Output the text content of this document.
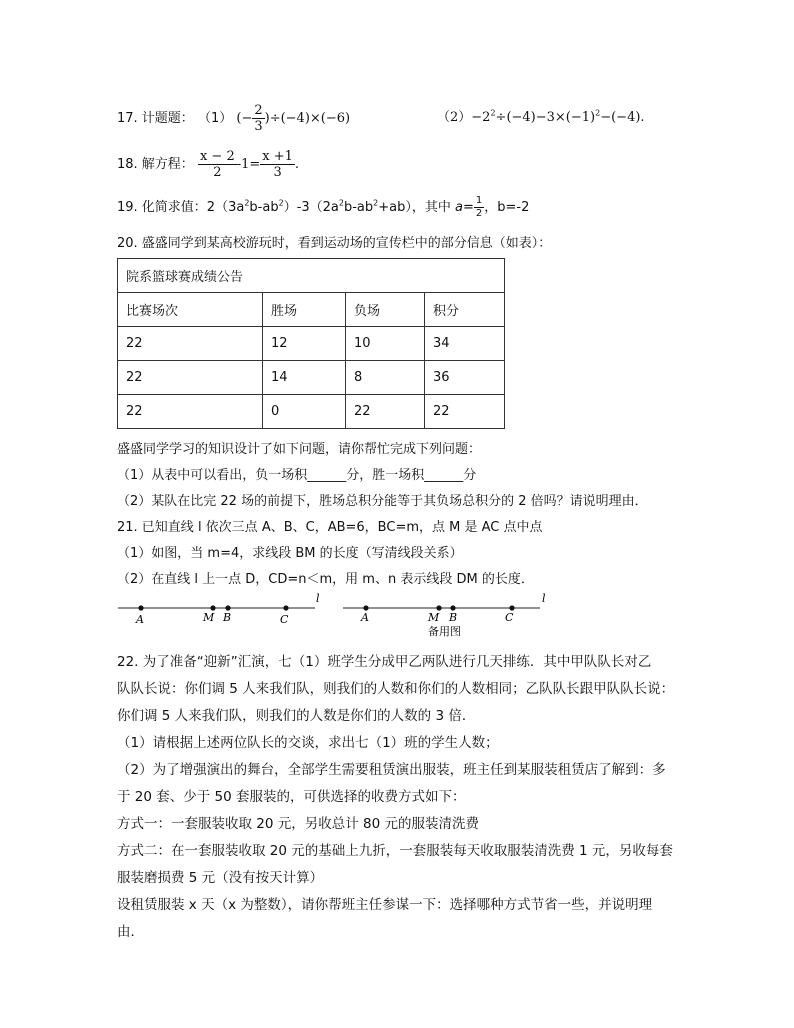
17. 计题题： （1） (− $\frac{2}{3} )\div(-4)\times(-6)$	$(2)-2^2\div(-4)-3\times(-1)^2-(-4)$.
18. 解方程： $\frac{x - 2}{2} -1= \frac{x +1}{3}$ .
19. 化简求值：$2(3a^2b-ab^2)-3(2a^2b-ab^2+ab)$，其中 $a= \frac{1}{2}$ ，b=-2
20. 盛盛同学到某高校游玩时，看到运动场的宣传栏中的部分信息（如表）：
院系篮球赛成绩公告			
比赛场次	胜场	负场	积分
22	12	10	34
22	14	8	36
22	0	22	22
盛盛同学学习的知识设计了如下问题，请你帮忙完成下列问题：
（1）从表中可以看出，负一场积______分，胜一场积______分
（2）某队在比完 22 场的前提下，胜场总积分能等于其负场总积分的 2 倍吗？请说明理由．
21. 已知直线 l 依次三点 A、B、C，AB=6，BC=m，点 M 是 AC 点中点
（1）如图，当 m=4，求线段 BM 的长度（写清线段关系）
（2）在直线 l 上一点 D，CD=n＜m，用 m、n 表示线段 DM 的长度．
A	M B	C
l
A	M B	C
l
备用图
22. 为了准备“迎新”汇演，七（1）班学生分成甲乙两队进行几天排练．其中甲队队长对乙
队队长说：你们调 5 人来我们队，则我们的人数和你们的人数相同；乙队队长跟甲队队长说：
你们调 5 人来我们队，则我们的人数是你们的人数的 3 倍．
（1）请根据上述两位队长的交谈，求出七（1）班的学生人数；
（2）为了增强演出的舞台，全部学生需要租赁演出服装，班主任到某服装租赁店了解到：多
于 20 套、少于 50 套服装的，可供选择的收费方式如下：
方式一：一套服装收取 20 元，另收总计 80 元的服装清洗费
方式二：在一套服装收取 20 元的基础上九折，一套服装每天收取服装清洗费 1 元，另收每套
服装磨损费 5 元（没有按天计算）
设租赁服装 x 天（x 为整数），请你帮班主任参谋一下：选择哪种方式节省一些，并说明理
由．
